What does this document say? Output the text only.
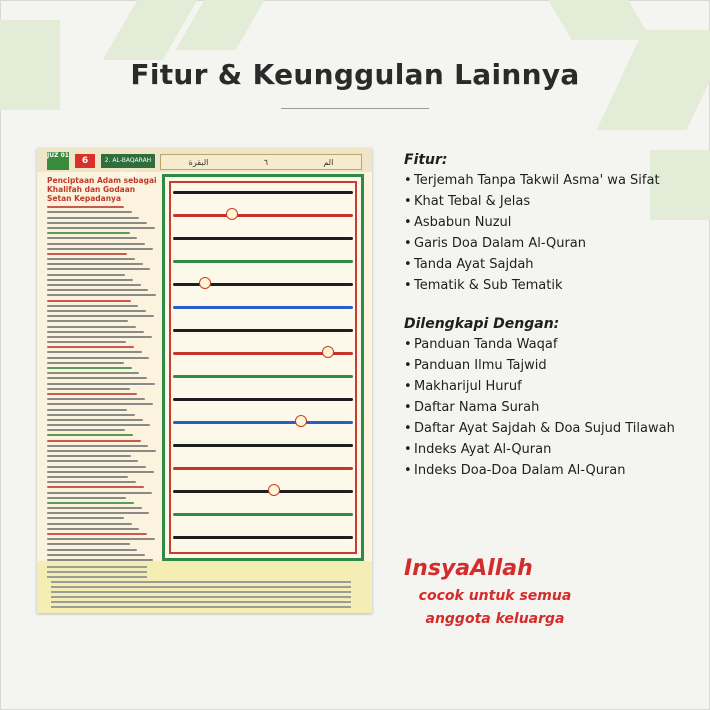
Fitur & Keunggulan Lainnya
JUZ 01
6	2. AL-BAQARAH (Sapi)
البقرة	٦	الم
Penciptaan Adam sebagai Khalifah dan Godaan Setan Kepadanya
Fitur:
• Terjemah Tanpa Takwil Asma' wa Sifat
• Khat Tebal & Jelas
• Asbabun Nuzul
• Garis Doa Dalam Al-Quran
• Tanda Ayat Sajdah
• Tematik & Sub Tematik
Dilengkapi Dengan:
• Panduan Tanda Waqaf
• Panduan Ilmu Tajwid
• Makharijul Huruf
• Daftar Nama Surah
• Daftar Ayat Sajdah & Doa Sujud Tilawah
• Indeks Ayat Al-Quran
• Indeks Doa-Doa Dalam Al-Quran
InsyaAllah
cocok untuk semua
anggota keluarga
